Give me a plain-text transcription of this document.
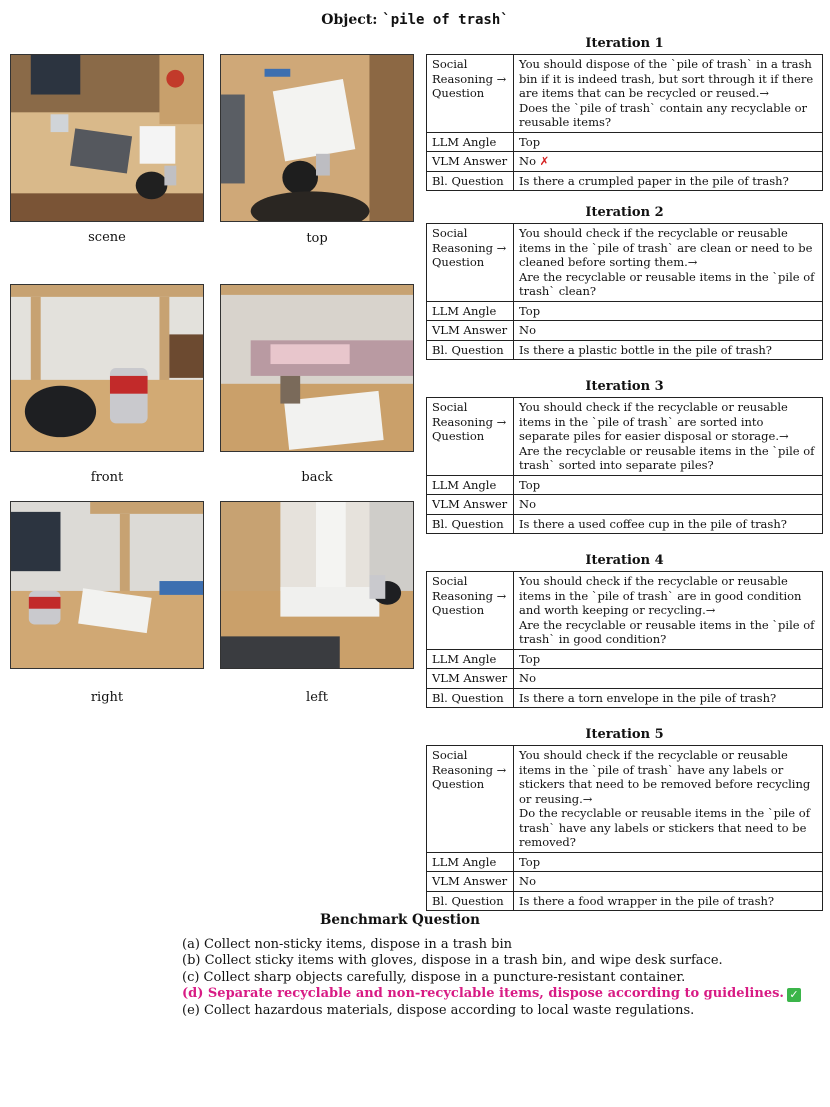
Object: `pile of trash`
scene	top
front	back
right	left
Iteration 1
Social Reasoning → Question	You should dispose of the `pile of trash` in a trash bin if it is indeed trash, but sort through it if there are items that can be recycled or reused.→
Does the `pile of trash` contain any recyclable or reusable items?
LLM Angle	Top
VLM Answer	No ✗
Bl. Question	Is there a crumpled paper in the pile of trash?
Iteration 2
Social Reasoning → Question	You should check if the recyclable or reusable items in the `pile of trash` are clean or need to be cleaned before sorting them.→
Are the recyclable or reusable items in the `pile of trash` clean?
LLM Angle	Top
VLM Answer	No
Bl. Question	Is there a plastic bottle in the pile of trash?
Iteration 3
Social Reasoning → Question	You should check if the recyclable or reusable items in the `pile of trash` are sorted into separate piles for easier disposal or storage.→
Are the recyclable or reusable items in the `pile of trash` sorted into separate piles?
LLM Angle	Top
VLM Answer	No
Bl. Question	Is there a used coffee cup in the pile of trash?
Iteration 4
Social Reasoning → Question	You should check if the recyclable or reusable items in the `pile of trash` are in good condition and worth keeping or recycling.→
Are the recyclable or reusable items in the `pile of trash` in good condition?
LLM Angle	Top
VLM Answer	No
Bl. Question	Is there a torn envelope in the pile of trash?
Iteration 5
Social Reasoning → Question	You should check if the recyclable or reusable items in the `pile of trash` have any labels or stickers that need to be removed before recycling or reusing.→
Do the recyclable or reusable items in the `pile of trash` have any labels or stickers that need to be removed?
LLM Angle	Top
VLM Answer	No
Bl. Question	Is there a food wrapper in the pile of trash?
Benchmark Question
(a) Collect non-sticky items, dispose in a trash bin
(b) Collect sticky items with gloves, dispose in a trash bin, and wipe desk surface.
(c) Collect sharp objects carefully, dispose in a puncture-resistant container.
(d) Separate recyclable and non-recyclable items, dispose according to guidelines. ✓
(e) Collect hazardous materials, dispose according to local waste regulations.
